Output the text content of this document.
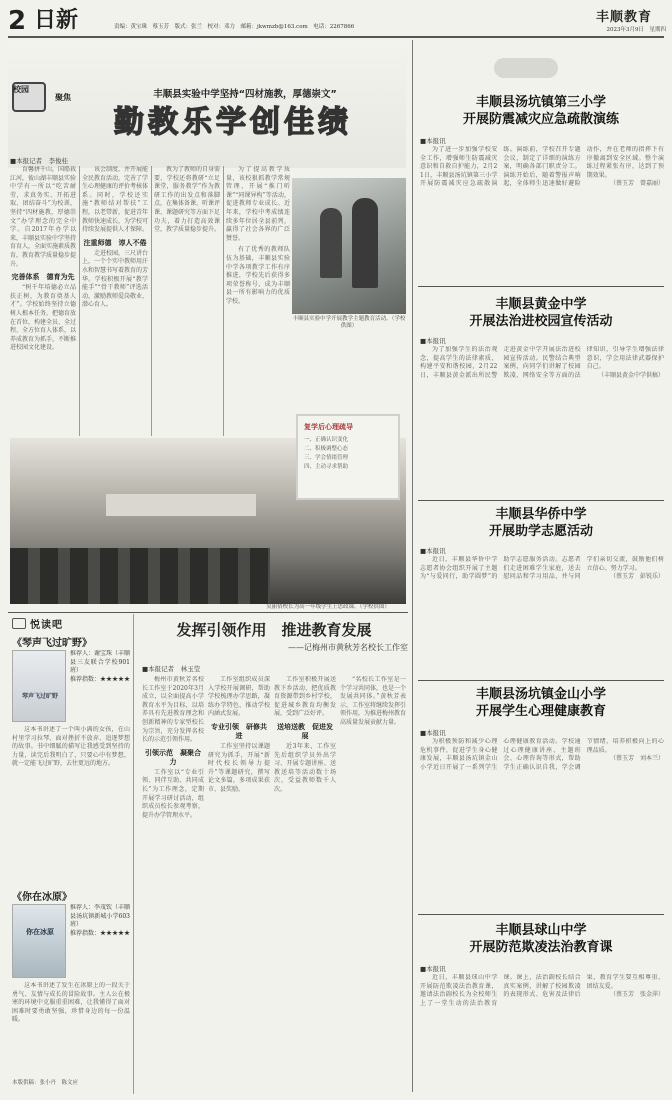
2 日新	责编：黄宝珠　蔡玉芳　版式：张兰　校对：邓力　邮箱：jkwmzb@163.com　电话：2267866
丰顺教育
2023年3月9日　星期四
校园
聚焦	丰顺县实验中学坚持“四材施教，厚德崇文”
勤教乐学创佳绩
■本报记者　李俊桂

育馨拼千山，国船栽江河，彼山湖丰顺县实验中学有一所以“吃苦耐劳，求真务实、开拓进取、团结奋斗”为校训，坚持“四材施教，厚德崇文”办学理念的完全中学。自2017年办学以来，丰顺县实验中学坚持育育人，全面实施素质教育，教育教学质量稳步提升。

完善体系　德育为先

“树千年培德必立品扶正树，为教育奠基人才”。学校始终坚持立德树人根本任务，把德育放在首位，构建全员、全过程、全方位育人体系，以养成教育为抓手，不断推进校园文化建设。

该会制度，并开展能全民教育活动，完善了学生心理健康的评价考核体系。同时，学校还实施“教师结对帮扶”工程，以老带新，促进青年教师快速成长，为学校可持续发展提供人才保障。

注重师德　谆人不倦

走进校园，三尺讲台上，一个个实中教师用汗水和智慧书写着教育的芳华。学校积极开展“教学能手”“骨干教师”评选活动，激励教师爱岗敬业、潜心育人。

教为了教师的自身需要，学校还将教研“立足课堂，服务教学”作为教研工作的出发点和落脚点，在集体备课、听课评课、课题研究等方面下足功夫，着力打造高效课堂，教学质量稳步提升。

为了提高教学质量，该校狠抓教学常规管理，开展“推门听课”“同课异构”等活动，促进教师专业成长。近年来，学校中考成绩连续多年位居全县前列，赢得了社会各界的广泛赞誉。

有了优秀的教师队伍为基础，丰顺县实验中学各项教学工作有序推进，学校先后获得多项荣誉称号，成为丰顺县一所有影响力的优质学校。

丰顺县实验中学开展教学主题教育活动。（学校供图）
复学后心理疏导
一、正确认识变化
二、积极调整心态
三、学会情绪管理
四、主动寻求帮助
吴丽倩校长为高一年级学生上思政课。（学校供图）
悦读吧
《琴声飞过旷野》
琴声飞过旷野
推荐人：谢宝珠（丰顺县三友联合学校901班）
推荐指数：★★★★★
这本书讲述了一个叫小满的女孩，在山村里学习拉琴、面对挫折不放弃、追逐梦想的故事。书中细腻的描写让我感受到坚持的力量，读完后我明白了，只要心中有梦想，就一定能飞过旷野，去往更远的地方。
《你在冰原》
你在冰原
推荐人：李茂钦（丰顺县汤坑镇新城小学603班）
推荐指数：★★★★★
这本书讲述了发生在冰原上的一段关于勇气、友情与成长的冒险故事。主人公在极寒的环境中克服重重困难，让我懂得了面对困难时要勇敢坚强，珍惜身边的每一份温暖。
本版供稿：张小丹　陈文应
发挥引领作用　推进教育发展
——记梅州市黄秋芳名校长工作室
■本报记者　林玉莹

梅州市黄秋芳名校长工作室于2020年3月成立，以全面提高小学教育水平为目标，以培养具有先进教育理念和创新精神的专家型校长为宗旨，充分发挥名校长的示范引领作用。

引领示范　凝聚合力

工作室以“专业引领、同伴互助、共同成长”为工作理念，定期开展学习研讨活动，组织成员校长参观考察，提升办学管理水平。

工作室组织成员深入学校开展调研，帮助学校梳理办学思路，凝练办学特色，推动学校内涵式发展。

专业引领　研修共进

工作室坚持以课题研究为抓手，开展“新时代校长领导力提升”等课题研究，撰写论文多篇，多项成果获市、县奖励。

工作室积极开展送教下乡活动，把优质教育资源带到乡村学校，促进城乡教育均衡发展，受到广泛好评。

送培送教　促进发展

近3年来，工作室先后组织学员外出学习、开展专题讲座、送教送培等活动数十场次，受益教师数千人次。

“名校长工作室是一个学习共同体，也是一个发展共同体。”黄秋芳表示，工作室将继续发挥引领作用，为推进梅州教育高质量发展贡献力量。

丰顺县汤坑镇第三小学
开展防震减灾应急疏散演练
■本报讯

为了进一步加强学校安全工作，增强师生防震减灾意识和自救自护能力，2月21日，丰顺县汤坑镇第三小学开展防震减灾应急疏散演练。演练前，学校召开专题会议，制定了详细的演练方案，明确各部门职责分工。演练开始后，随着警报声响起，全体师生迅速做好避险动作，并在老师的指挥下有序撤离到安全区域。整个演练过程紧张有序，达到了预期效果。

（蔡玉芳　曾嘉丽）
丰顺县黄金中学
开展法治进校园宣传活动
■本报讯

为了加强学生的法治观念，提高学生的法律素质，构建平安和谐校园，2月22日，丰顺县黄金派出所民警走进黄金中学开展法治进校园宣传活动。民警结合典型案例，向同学们讲解了校园欺凌、网络安全等方面的法律知识，引导学生增强法律意识，学会用法律武器保护自己。

（丰顺县黄金中学供稿）
丰顺县华侨中学
开展助学志愿活动
■本报讯

近日，丰顺县华侨中学志愿者协会组织开展了主题为“与爱同行，助学圆梦”的助学志愿服务活动。志愿者们走进困难学生家庭，送去慰问品和学习用品，并与同学们亲切交流，鼓励他们树立信心、努力学习。

（蔡玉芳　彭锐乐）
丰顺县汤坑镇金山小学
开展学生心理健康教育
■本报讯

为积极预防和减少心理危机事件，促进学生身心健康发展，丰顺县汤坑镇金山小学近日开展了一系列学生心理健康教育活动。学校通过心理健康讲座、主题班会、心理咨询等形式，帮助学生正确认识自我，学会调节情绪，培养积极向上的心理品质。

（蔡玉芳　刘本兰）
丰顺县球山中学
开展防范欺凌法治教育课
■本报讯

近日，丰顺县球山中学开展防范欺凌法治教育课，邀请法治副校长为全校师生上了一堂生动的法治教育课。课上，法治副校长结合真实案例，讲解了校园欺凌的表现形式、危害及法律后果，教育学生要互相尊重、团结友爱。

（蔡玉芳　张金萍）
